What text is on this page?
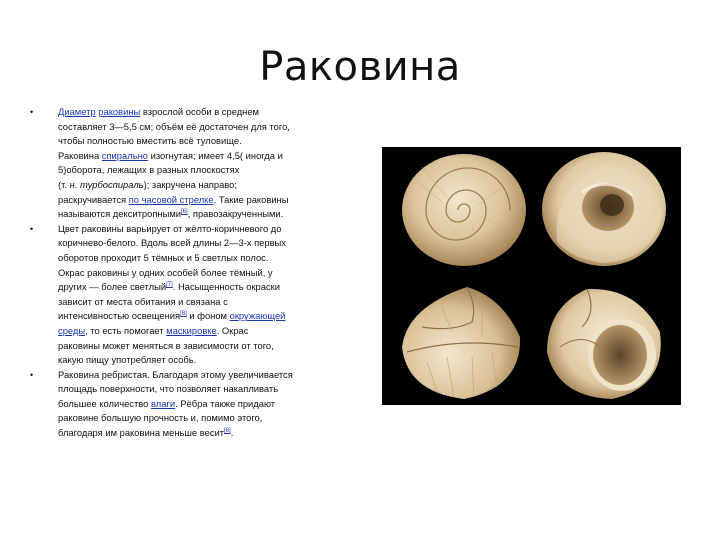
Раковина
•	Диаметр раковины взрослой особи в среднем
составляет 3—5,5 см; объём её достаточен для того,
чтобы полностью вместить всё туловище.
Раковина спирально изогнутая; имеет 4,5( иногда и
5)оборота, лежащих в разных плоскостях
(т. н. турбоспираль); закручена направо;
раскручивается по часовой стрелке. Такие раковины
называются декситропными[6], правозакрученными.
•	Цвет раковины варьирует от жёлто-коричневого до
коричнево-белого. Вдоль всей длины 2—3-х первых
оборотов проходит 5 тёмных и 5 светлых полос.
Окрас раковины у одних особей более тёмный, у
других — более светлый[7]. Насыщенность окраски
зависит от места обитания и связана с
интенсивностью освещения[8] и фоном окружающей
среды, то есть помогает маскировке. Окрас
раковины может меняться в зависимости от того,
какую пищу употребляет особь.
•	Раковина ребристая. Благодаря этому увеличивается
площадь поверхности, что позволяет накапливать
большее количество влаги. Рёбра также придают
раковине большую прочность и, помимо этого,
благодаря им раковина меньше весит[6].
